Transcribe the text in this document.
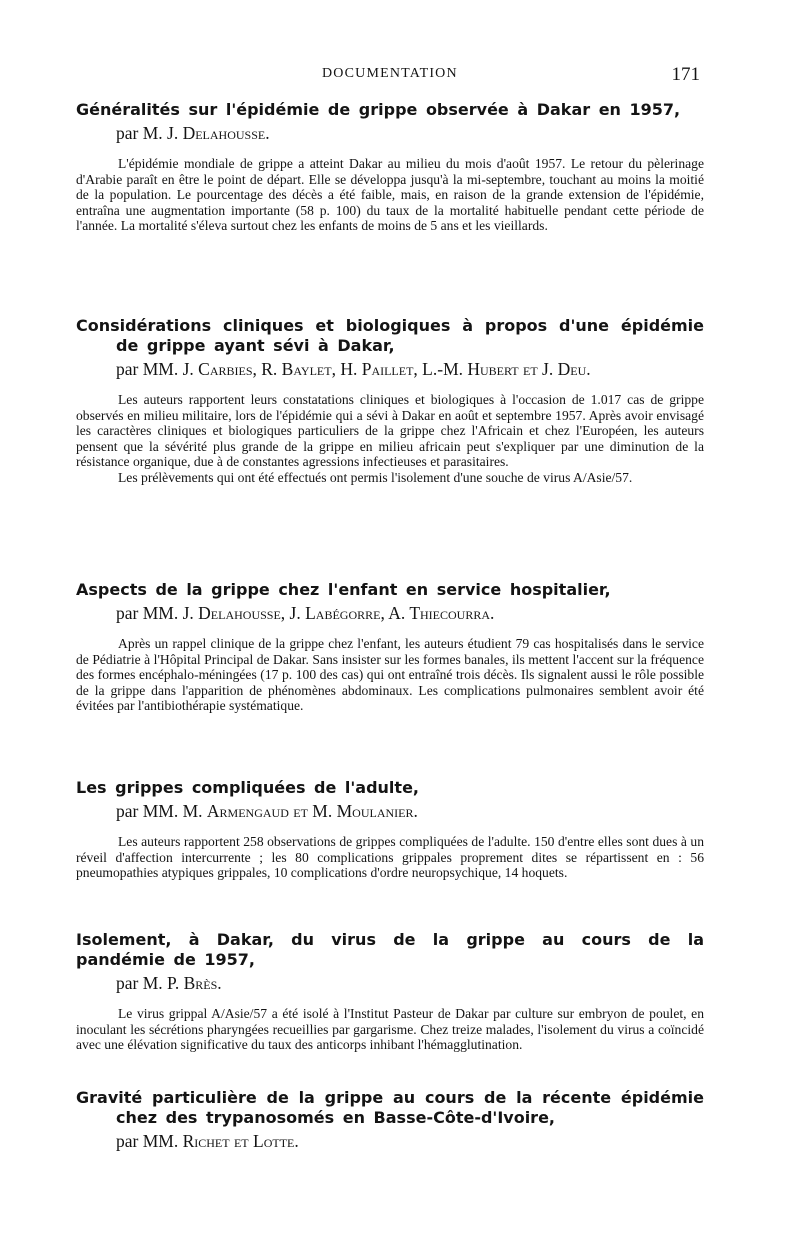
DOCUMENTATION	171
Généralités sur l'épidémie de grippe observée à Dakar en 1957,
par M. J. Delahousse.

L'épidémie mondiale de grippe a atteint Dakar au milieu du mois d'août 1957. Le retour du pèlerinage d'Arabie paraît en être le point de départ. Elle se développa jusqu'à la mi-septembre, touchant au moins la moitié de la population. Le pourcentage des décès a été faible, mais, en raison de la grande extension de l'épidémie, entraîna une augmentation importante (58 p. 100) du taux de la mortalité habituelle pendant cette période de l'année. La mortalité s'éleva surtout chez les enfants de moins de 5 ans et les vieillards.

Considérations cliniques et biologiques à propos d'une épidémie de grippe ayant sévi à Dakar,
par MM. J. Carbies, R. Baylet, H. Paillet, L.-M. Hubert et J. Deu.

Les auteurs rapportent leurs constatations cliniques et biologiques à l'occasion de 1.017 cas de grippe observés en milieu militaire, lors de l'épidémie qui a sévi à Dakar en août et septembre 1957. Après avoir envisagé les caractères cliniques et biologiques particuliers de la grippe chez l'Africain et chez l'Européen, les auteurs pensent que la sévérité plus grande de la grippe en milieu africain peut s'expliquer par une diminution de la résistance organique, due à de constantes agressions infectieuses et parasitaires.

Les prélèvements qui ont été effectués ont permis l'isolement d'une souche de virus A/Asie/57.

Aspects de la grippe chez l'enfant en service hospitalier,
par MM. J. Delahousse, J. Labégorre, A. Thiecourra.

Après un rappel clinique de la grippe chez l'enfant, les auteurs étudient 79 cas hospitalisés dans le service de Pédiatrie à l'Hôpital Principal de Dakar. Sans insister sur les formes banales, ils mettent l'accent sur la fréquence des formes encéphalo-méningées (17 p. 100 des cas) qui ont entraîné trois décès. Ils signalent aussi le rôle possible de la grippe dans l'apparition de phénomènes abdominaux. Les complications pulmonaires semblent avoir été évitées par l'antibiothérapie systématique.

Les grippes compliquées de l'adulte,
par MM. M. Armengaud et M. Moulanier.

Les auteurs rapportent 258 observations de grippes compliquées de l'adulte. 150 d'entre elles sont dues à un réveil d'affection intercurrente ; les 80 complications grippales proprement dites se répartissent en : 56 pneumopathies atypiques grippales, 10 complications d'ordre neuropsychique, 14 hoquets.

Isolement, à Dakar, du virus de la grippe au cours de la pandémie de 1957,
par M. P. Brès.

Le virus grippal A/Asie/57 a été isolé à l'Institut Pasteur de Dakar par culture sur embryon de poulet, en inoculant les sécrétions pharyngées recueillies par gargarisme. Chez treize malades, l'isolement du virus a coïncidé avec une élévation significative du taux des anticorps inhibant l'hémagglutination.

Gravité particulière de la grippe au cours de la récente épidémie chez des trypanosomés en Basse-Côte-d'Ivoire,
par MM. Richet et Lotte.
